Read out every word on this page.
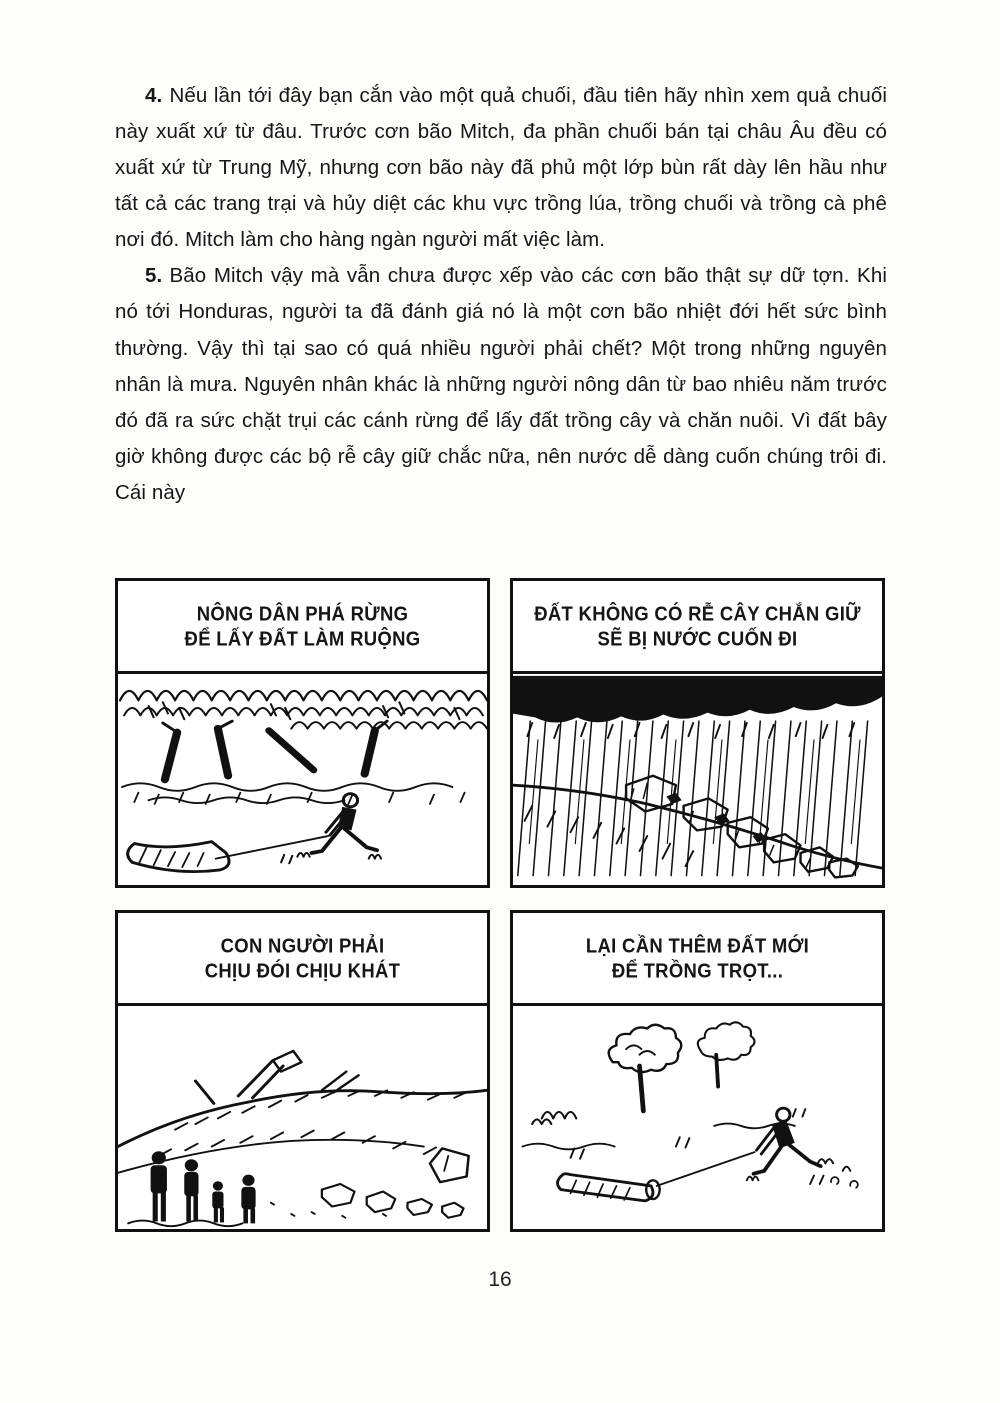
4. Nếu lần tới đây bạn cắn vào một quả chuối, đầu tiên hãy nhìn xem quả chuối này xuất xứ từ đâu. Trước cơn bão Mitch, đa phần chuối bán tại châu Âu đều có xuất xứ từ Trung Mỹ, nhưng cơn bão này đã phủ một lớp bùn rất dày lên hầu như tất cả các trang trại và hủy diệt các khu vực trồng lúa, trồng chuối và trồng cà phê nơi đó. Mitch làm cho hàng ngàn người mất việc làm.

5. Bão Mitch vậy mà vẫn chưa được xếp vào các cơn bão thật sự dữ tợn. Khi nó tới Honduras, người ta đã đánh giá nó là một cơn bão nhiệt đới hết sức bình thường. Vậy thì tại sao có quá nhiều người phải chết? Một trong những nguyên nhân là mưa. Nguyên nhân khác là những người nông dân từ bao nhiêu năm trước đó đã ra sức chặt trụi các cánh rừng để lấy đất trồng cây và chăn nuôi. Vì đất bây giờ không được các bộ rễ cây giữ chắc nữa, nên nước dễ dàng cuốn chúng trôi đi. Cái này

NÔNG DÂN PHÁ RỪNG
ĐỂ LẤY ĐẤT LÀM RUỘNG
ĐẤT KHÔNG CÓ RỄ CÂY CHẮN GIỮ
SẼ BỊ NƯỚC CUỐN ĐI
CON NGƯỜI PHẢI
CHỊU ĐÓI CHỊU KHÁT
LẠI CẦN THÊM ĐẤT MỚI
ĐỂ TRỒNG TRỌT...
16
